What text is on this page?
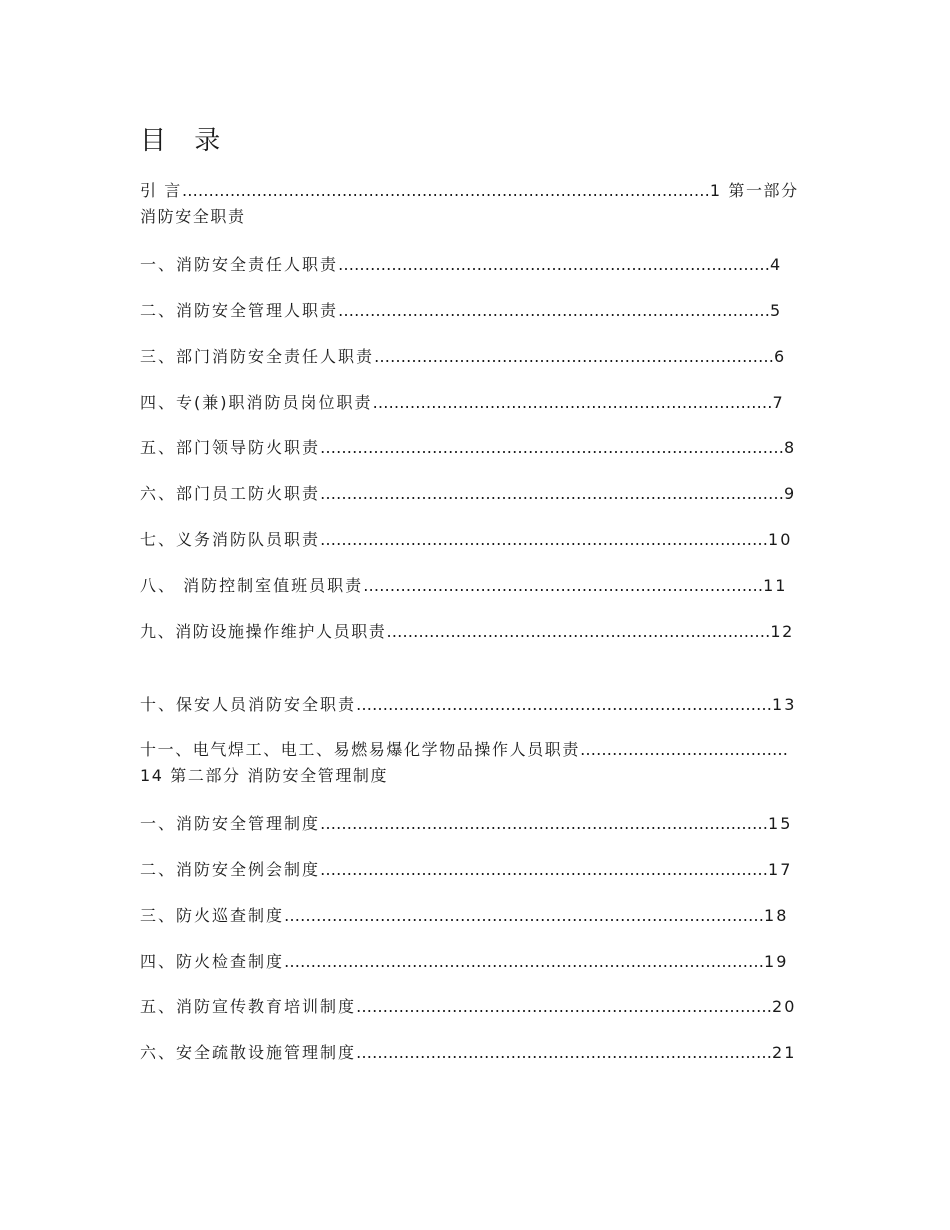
目 录
引 言………………………………………………………………………………………1 第一部分 消防安全职责
一、消防安全责任人职责………………………………………………………………………4
二、消防安全管理人职责………………………………………………………………………5
三、部门消防安全责任人职责…………………………………………………………………6
四、专(兼)职消防员岗位职责…………………………………………………………………7
五、部门领导防火职责……………………………………………………………………………8
六、部门员工防火职责……………………………………………………………………………9
七、义务消防队员职责…………………………………………………………………………10
八、 消防控制室值班员职责…………………………………………………………………11
九、消防设施操作维护人员职责………………………………………………………………12
十、保安人员消防安全职责……………………………………………………………………13
十一、电气焊工、电工、易燃易爆化学物品操作人员职责…………………………………14 第二部分 消防安全管理制度
一、消防安全管理制度…………………………………………………………………………15
二、消防安全例会制度…………………………………………………………………………17
三、防火巡查制度………………………………………………………………………………18
四、防火检查制度………………………………………………………………………………19
五、消防宣传教育培训制度……………………………………………………………………20
六、安全疏散设施管理制度……………………………………………………………………21
